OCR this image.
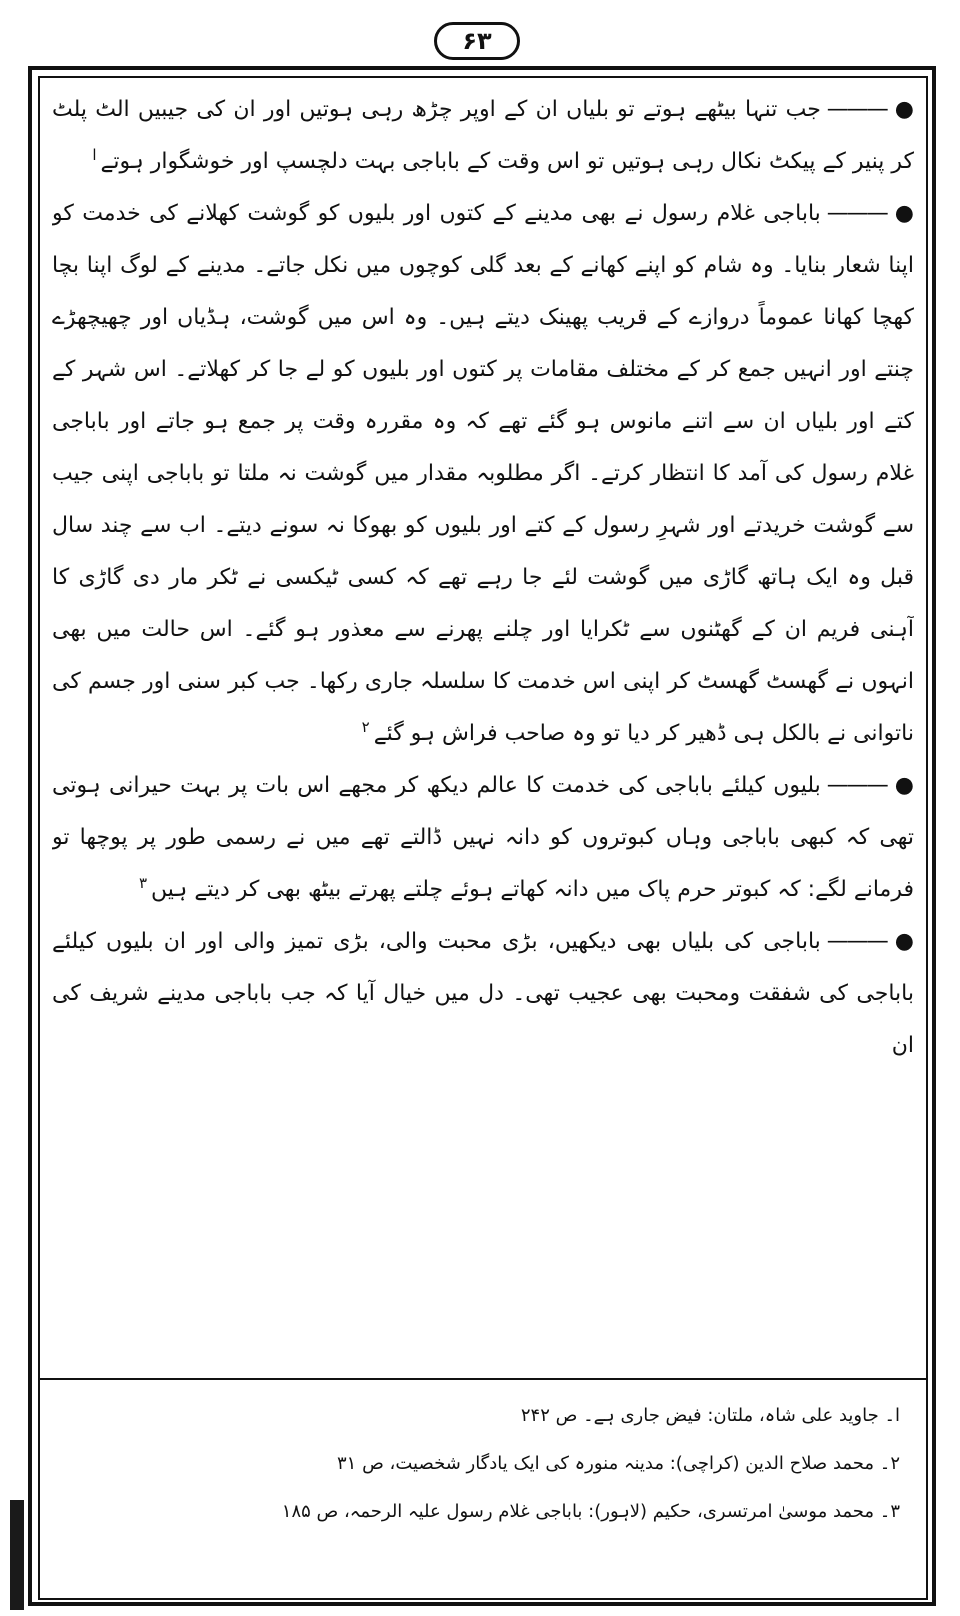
۶۳

●———جب تنہا بیٹھے ہوتے تو بلیاں ان کے اوپر چڑھ رہی ہوتیں اور ان کی جیبیں الٹ پلٹ کر پنیر کے پیکٹ نکال رہی ہوتیں تو اس وقت کے باباجی بہت دلچسپ اور خوشگوار ہوتے$^ا$

●———باباجی غلام رسول نے بھی مدینے کے کتوں اور بلیوں کو گوشت کھلانے کی خدمت کو اپنا شعار بنایا۔ وہ شام کو اپنے کھانے کے بعد گلی کوچوں میں نکل جاتے۔ مدینے کے لوگ اپنا بچا کھچا کھانا عموماً دروازے کے قریب پھینک دیتے ہیں۔ وہ اس میں گوشت، ہڈیاں اور چھیچھڑے چنتے اور انہیں جمع کر کے مختلف مقامات پر کتوں اور بلیوں کو لے جا کر کھلاتے۔ اس شہر کے کتے اور بلیاں ان سے اتنے مانوس ہو گئے تھے کہ وہ مقررہ وقت پر جمع ہو جاتے اور باباجی غلام رسول کی آمد کا انتظار کرتے۔ اگر مطلوبہ مقدار میں گوشت نہ ملتا تو باباجی اپنی جیب سے گوشت خریدتے اور شہرِ رسول کے کتے اور بلیوں کو بھوکا نہ سونے دیتے۔ اب سے چند سال قبل وہ ایک ہاتھ گاڑی میں گوشت لئے جا رہے تھے کہ کسی ٹیکسی نے ٹکر مار دی گاڑی کا آہنی فریم ان کے گھٹنوں سے ٹکرایا اور چلنے پھرنے سے معذور ہو گئے۔ اس حالت میں بھی انہوں نے گھسٹ گھسٹ کر اپنی اس خدمت کا سلسلہ جاری رکھا۔ جب کبر سنی اور جسم کی ناتوانی نے بالکل ہی ڈھیر کر دیا تو وہ صاحب فراش ہو گئے$^۲$

●———بلیوں کیلئے باباجی کی خدمت کا عالم دیکھ کر مجھے اس بات پر بہت حیرانی ہوتی تھی کہ کبھی باباجی وہاں کبوتروں کو دانہ نہیں ڈالتے تھے میں نے رسمی طور پر پوچھا تو فرمانے لگے: کہ کبوتر حرم پاک میں دانہ کھاتے ہوئے چلتے پھرتے بیٹھ بھی کر دیتے ہیں$^۳$

●———باباجی کی بلیاں بھی دیکھیں، بڑی محبت والی، بڑی تمیز والی اور ان بلیوں کیلئے باباجی کی شفقت ومحبت بھی عجیب تھی۔ دل میں خیال آیا کہ جب باباجی مدینے شریف کی ان

ا۔ جاوید علی شاہ، ملتان: فیض جاری ہے۔ ص ۲۴۲

۲۔ محمد صلاح الدین (کراچی): مدینہ منورہ کی ایک یادگار شخصیت، ص ۳۱

۳۔ محمد موسیٰ امرتسری، حکیم (لاہور): باباجی غلام رسول علیہ الرحمہ، ص ۱۸۵
